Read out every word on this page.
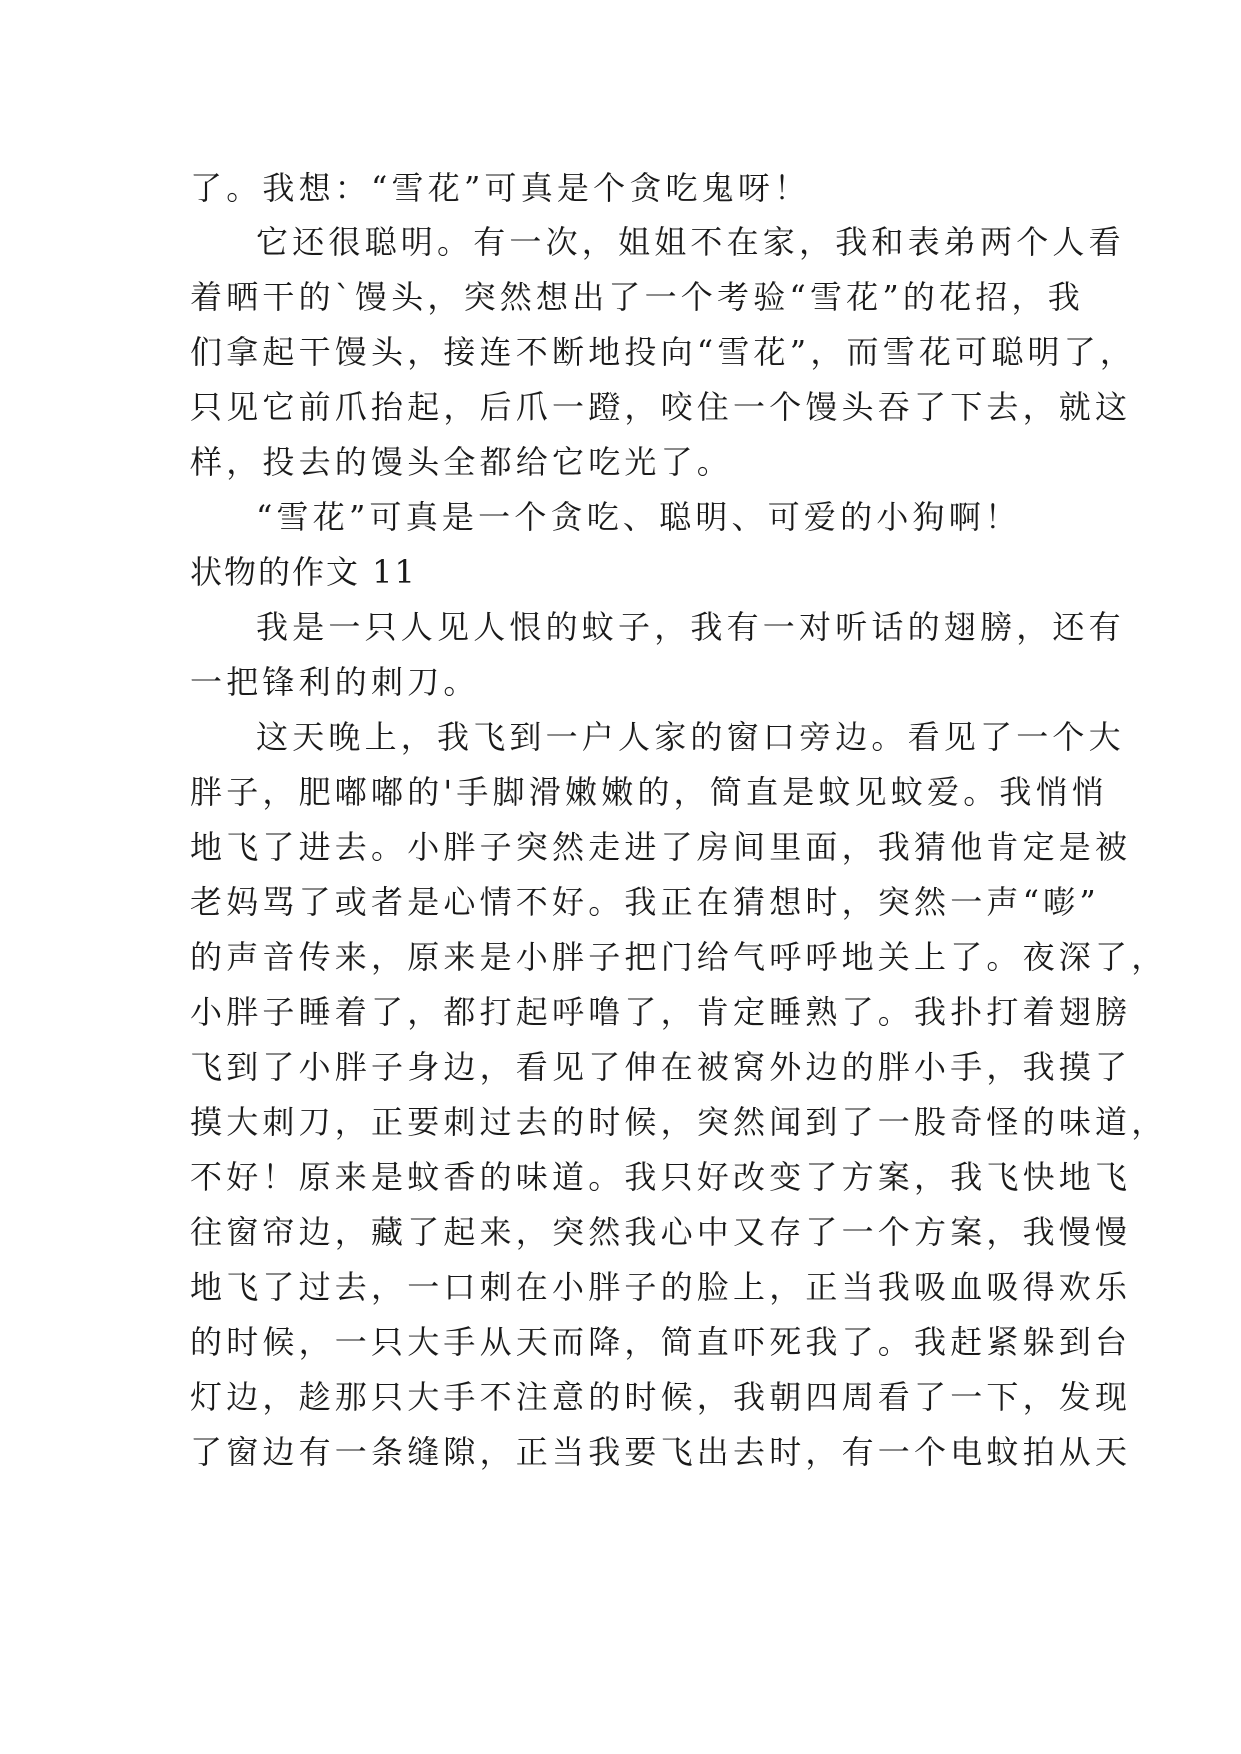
了。我想：“雪花”可真是个贪吃鬼呀！
它还很聪明。有一次，姐姐不在家，我和表弟两个人看
着晒干的`馒头，突然想出了一个考验“雪花”的花招，我
们拿起干馒头，接连不断地投向“雪花”，而雪花可聪明了，
只见它前爪抬起，后爪一蹬，咬住一个馒头吞了下去，就这
样，投去的馒头全都给它吃光了。
“雪花”可真是一个贪吃、聪明、可爱的小狗啊！
状物的作文 11
我是一只人见人恨的蚊子，我有一对听话的翅膀，还有
一把锋利的刺刀。
这天晚上，我飞到一户人家的窗口旁边。看见了一个大
胖子，肥嘟嘟的'手脚滑嫩嫩的，简直是蚊见蚊爱。我悄悄
地飞了进去。小胖子突然走进了房间里面，我猜他肯定是被
老妈骂了或者是心情不好。我正在猜想时，突然一声“嘭”
的声音传来，原来是小胖子把门给气呼呼地关上了。夜深了，
小胖子睡着了，都打起呼噜了，肯定睡熟了。我扑打着翅膀
飞到了小胖子身边，看见了伸在被窝外边的胖小手，我摸了
摸大刺刀，正要刺过去的时候，突然闻到了一股奇怪的味道，
不好！原来是蚊香的味道。我只好改变了方案，我飞快地飞
往窗帘边，藏了起来，突然我心中又存了一个方案，我慢慢
地飞了过去，一口刺在小胖子的脸上，正当我吸血吸得欢乐
的时候，一只大手从天而降，简直吓死我了。我赶紧躲到台
灯边，趁那只大手不注意的时候，我朝四周看了一下，发现
了窗边有一条缝隙，正当我要飞出去时，有一个电蚊拍从天
